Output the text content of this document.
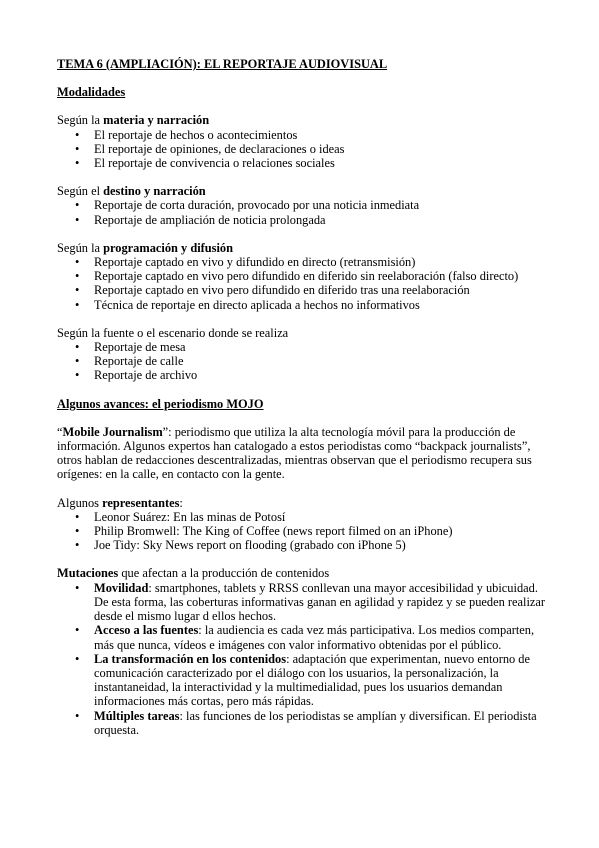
TEMA 6 (AMPLIACIÓN): EL REPORTAJE AUDIOVISUAL
Modalidades
Según la materia y narración
• El reportaje de hechos o acontecimientos
• El reportaje de opiniones, de declaraciones o ideas
• El reportaje de convivencia o relaciones sociales
Según el destino y narración
• Reportaje de corta duración, provocado por una noticia inmediata
• Reportaje de ampliación de noticia prolongada
Según la programación y difusión
• Reportaje captado en vivo y difundido en directo (retransmisión)
• Reportaje captado en vivo pero difundido en diferido sin reelaboración (falso directo)
• Reportaje captado en vivo pero difundido en diferido tras una reelaboración
• Técnica de reportaje en directo aplicada a hechos no informativos
Según la fuente o el escenario donde se realiza
• Reportaje de mesa
• Reportaje de calle
• Reportaje de archivo
Algunos avances: el periodismo MOJO

“Mobile Journalism”: periodismo que utiliza la alta tecnología móvil para la producción de información. Algunos expertos han catalogado a estos periodistas como “backpack journalists”, otros hablan de redacciones descentralizadas, mientras observan que el periodismo recupera sus orígenes: en la calle, en contacto con la gente.

Algunos representantes:
• Leonor Suárez: En las minas de Potosí
• Philip Bromwell: The King of Coffee (news report filmed on an iPhone)
• Joe Tidy: Sky News report on flooding (grabado con iPhone 5)
Mutaciones que afectan a la producción de contenidos
• Movilidad: smartphones, tablets y RRSS conllevan una mayor accesibilidad y ubicuidad. De esta forma, las coberturas informativas ganan en agilidad y rapidez y se pueden realizar desde el mismo lugar d ellos hechos.
• Acceso a las fuentes: la audiencia es cada vez más participativa. Los medios comparten, más que nunca, vídeos e imágenes con valor informativo obtenidas por el público.
• La transformación en los contenidos: adaptación que experimentan, nuevo entorno de comunicación caracterizado por el diálogo con los usuarios, la personalización, la instantaneidad, la interactividad y la multimedialidad, pues los usuarios demandan informaciones más cortas, pero más rápidas.
• Múltiples tareas: las funciones de los periodistas se amplían y diversifican. El periodista orquesta.
